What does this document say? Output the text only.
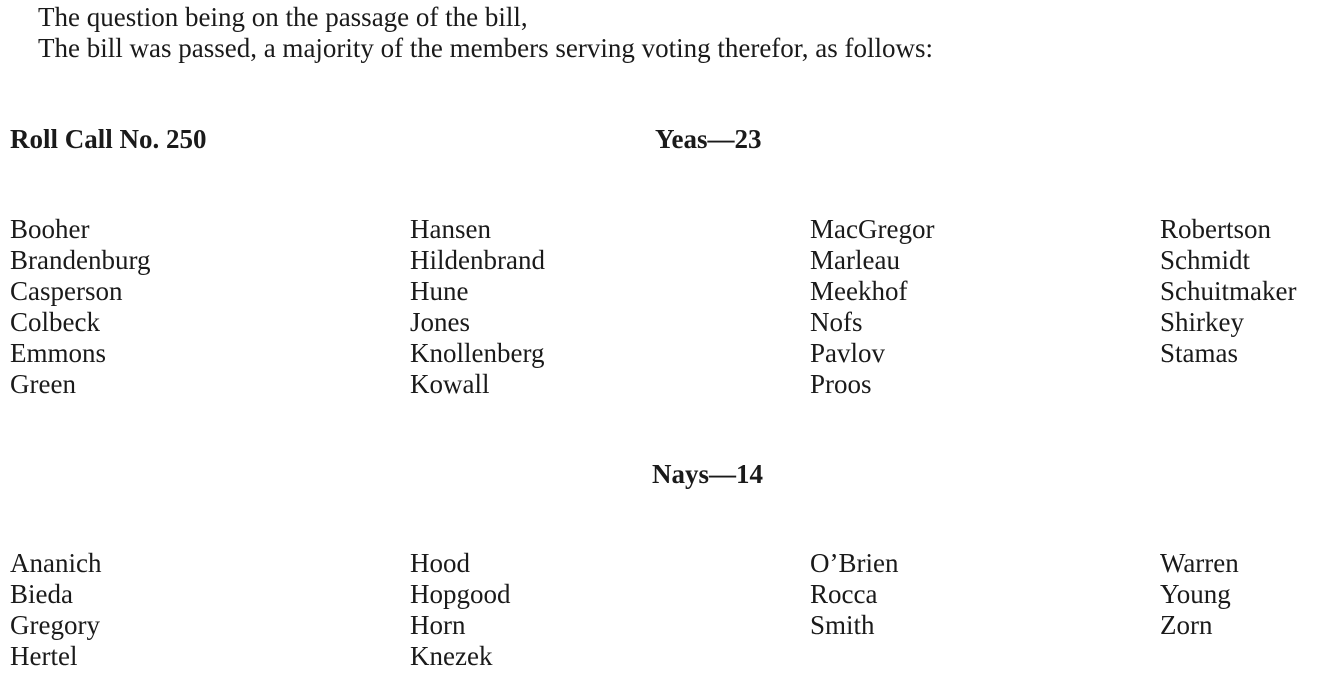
The question being on the passage of the bill,
The bill was passed, a majority of the members serving voting therefor, as follows:
Roll Call No. 250	Yeas—23
Booher
Brandenburg
Casperson
Colbeck
Emmons
Green
Hansen
Hildenbrand
Hune
Jones
Knollenberg
Kowall
MacGregor
Marleau
Meekhof
Nofs
Pavlov
Proos
Robertson
Schmidt
Schuitmaker
Shirkey
Stamas
Nays—14
Ananich
Bieda
Gregory
Hertel
Hood
Hopgood
Horn
Knezek
O’Brien
Rocca
Smith
Warren
Young
Zorn
